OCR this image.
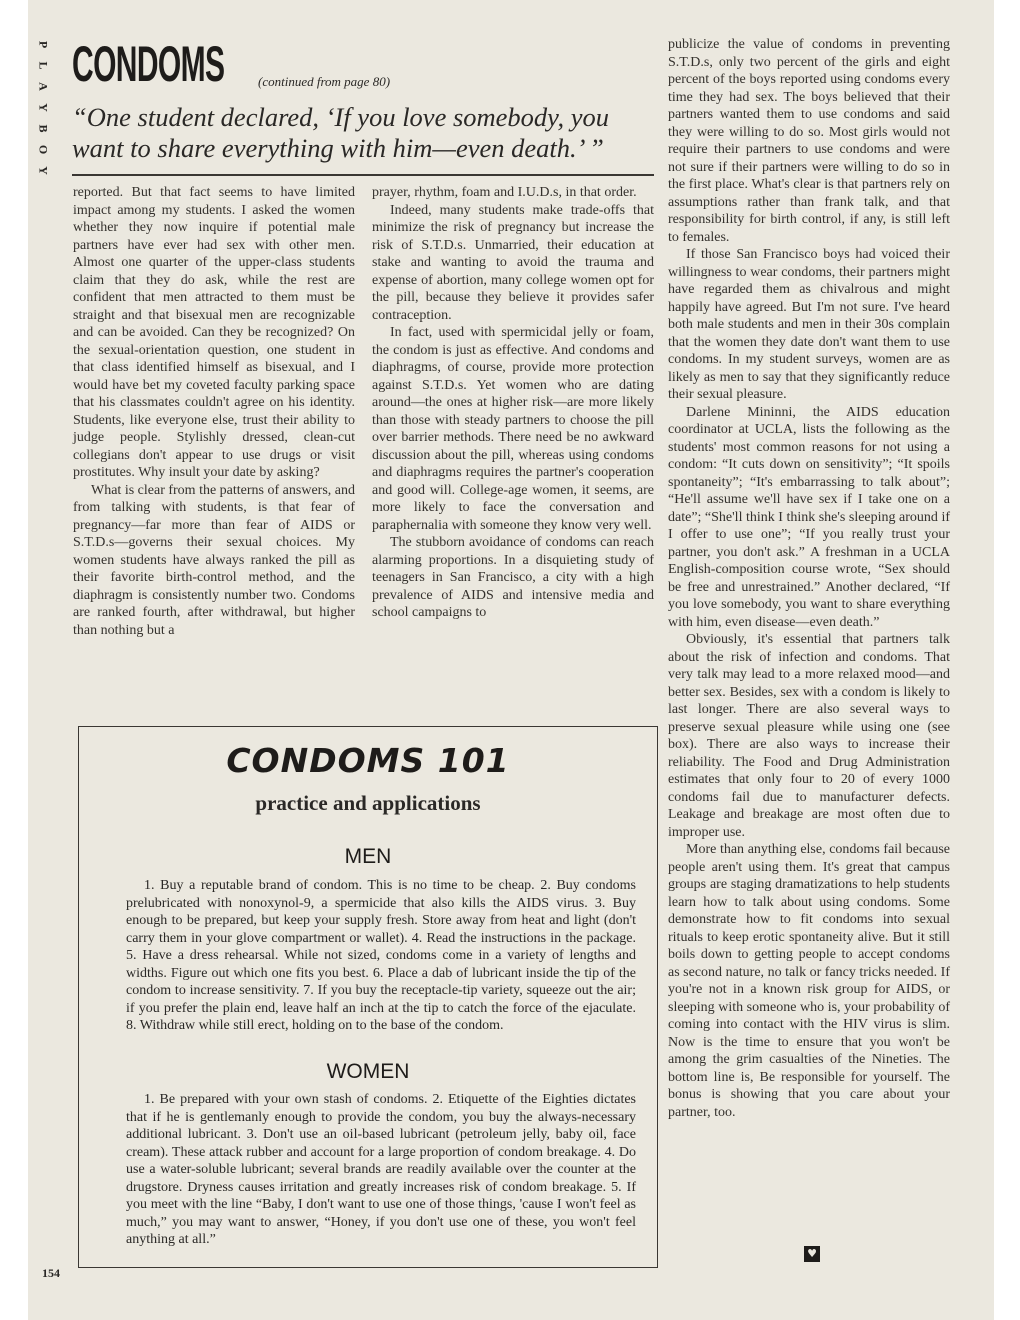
P
L
A
Y
B
O
Y
CONDOMS	(continued from page 80)
“One student declared, ‘If you love somebody, you want to share everything with him—even death.’ ”

reported. But that fact seems to have limited impact among my students. I asked the women whether they now inquire if potential male partners have ever had sex with other men. Almost one quarter of the upper-class students claim that they do ask, while the rest are confident that men attracted to them must be straight and that bisexual men are recognizable and can be avoided. Can they be recognized? On the sexual-orientation question, one student in that class identified himself as bisexual, and I would have bet my coveted faculty parking space that his classmates couldn't agree on his identity. Students, like everyone else, trust their ability to judge people. Stylishly dressed, clean-cut collegians don't appear to use drugs or visit prostitutes. Why insult your date by asking?

What is clear from the patterns of answers, and from talking with students, is that fear of pregnancy—far more than fear of AIDS or S.T.D.s—governs their sexual choices. My women students have always ranked the pill as their favorite birth-control method, and the diaphragm is consistently number two. Condoms are ranked fourth, after withdrawal, but higher than nothing but a

prayer, rhythm, foam and I.U.D.s, in that order.

Indeed, many students make trade-offs that minimize the risk of pregnancy but increase the risk of S.T.D.s. Unmarried, their education at stake and wanting to avoid the trauma and expense of abortion, many college women opt for the pill, because they believe it provides safer contraception.

In fact, used with spermicidal jelly or foam, the condom is just as effective. And condoms and diaphragms, of course, provide more protection against S.T.D.s. Yet women who are dating around—the ones at higher risk—are more likely than those with steady partners to choose the pill over barrier methods. There need be no awkward discussion about the pill, whereas using condoms and diaphragms requires the partner's cooperation and good will. College-age women, it seems, are more likely to face the conversation and paraphernalia with someone they know very well.

The stubborn avoidance of condoms can reach alarming proportions. In a disquieting study of teenagers in San Francisco, a city with a high prevalence of AIDS and intensive media and school campaigns to

publicize the value of condoms in preventing S.T.D.s, only two percent of the girls and eight percent of the boys reported using condoms every time they had sex. The boys believed that their partners wanted them to use condoms and said they were willing to do so. Most girls would not require their partners to use condoms and were not sure if their partners were willing to do so in the first place. What's clear is that partners rely on assumptions rather than frank talk, and that responsibility for birth control, if any, is still left to females.

If those San Francisco boys had voiced their willingness to wear condoms, their partners might have regarded them as chivalrous and might happily have agreed. But I'm not sure. I've heard both male students and men in their 30s complain that the women they date don't want them to use condoms. In my student surveys, women are as likely as men to say that they significantly reduce their sexual pleasure.

Darlene Mininni, the AIDS education coordinator at UCLA, lists the following as the students' most common reasons for not using a condom: “It cuts down on sensitivity”; “It spoils spontaneity”; “It's embarrassing to talk about”; “He'll assume we'll have sex if I take one on a date”; “She'll think I think she's sleeping around if I offer to use one”; “If you really trust your partner, you don't ask.” A freshman in a UCLA English-composition course wrote, “Sex should be free and unrestrained.” Another declared, “If you love somebody, you want to share everything with him, even disease—even death.”

Obviously, it's essential that partners talk about the risk of infection and condoms. That very talk may lead to a more relaxed mood—and better sex. Besides, sex with a condom is likely to last longer. There are also several ways to preserve sexual pleasure while using one (see box). There are also ways to increase their reliability. The Food and Drug Administration estimates that only four to 20 of every 1000 condoms fail due to manufacturer defects. Leakage and breakage are most often due to improper use.

More than anything else, condoms fail because people aren't using them. It's great that campus groups are staging dramatizations to help students learn how to talk about using condoms. Some demonstrate how to fit condoms into sexual rituals to keep erotic spontaneity alive. But it still boils down to getting people to accept condoms as second nature, no talk or fancy tricks needed. If you're not in a known risk group for AIDS, or sleeping with someone who is, your probability of coming into contact with the HIV virus is slim. Now is the time to ensure that you won't be among the grim casualties of the Nineties. The bottom line is, Be responsible for yourself. The bonus is showing that you care about your partner, too.

CONDOMS 101
practice and applications
MEN

1. Buy a reputable brand of condom. This is no time to be cheap. 2. Buy condoms prelubricated with nonoxynol-9, a spermicide that also kills the AIDS virus. 3. Buy enough to be prepared, but keep your supply fresh. Store away from heat and light (don't carry them in your glove compartment or wallet). 4. Read the instructions in the package. 5. Have a dress rehearsal. While not sized, condoms come in a variety of lengths and widths. Figure out which one fits you best. 6. Place a dab of lubricant inside the tip of the condom to increase sensitivity. 7. If you buy the receptacle-tip variety, squeeze out the air; if you prefer the plain end, leave half an inch at the tip to catch the force of the ejaculate. 8. Withdraw while still erect, holding on to the base of the condom.

WOMEN

1. Be prepared with your own stash of condoms. 2. Etiquette of the Eighties dictates that if he is gentlemanly enough to provide the condom, you buy the always-necessary additional lubricant. 3. Don't use an oil-based lubricant (petroleum jelly, baby oil, face cream). These attack rubber and account for a large proportion of condom breakage. 4. Do use a water-soluble lubricant; several brands are readily available over the counter at the drugstore. Dryness causes irritation and greatly increases risk of condom breakage. 5. If you meet with the line “Baby, I don't want to use one of those things, 'cause I won't feel as much,” you may want to answer, “Honey, if you don't use one of these, you won't feel anything at all.”

154
♥
